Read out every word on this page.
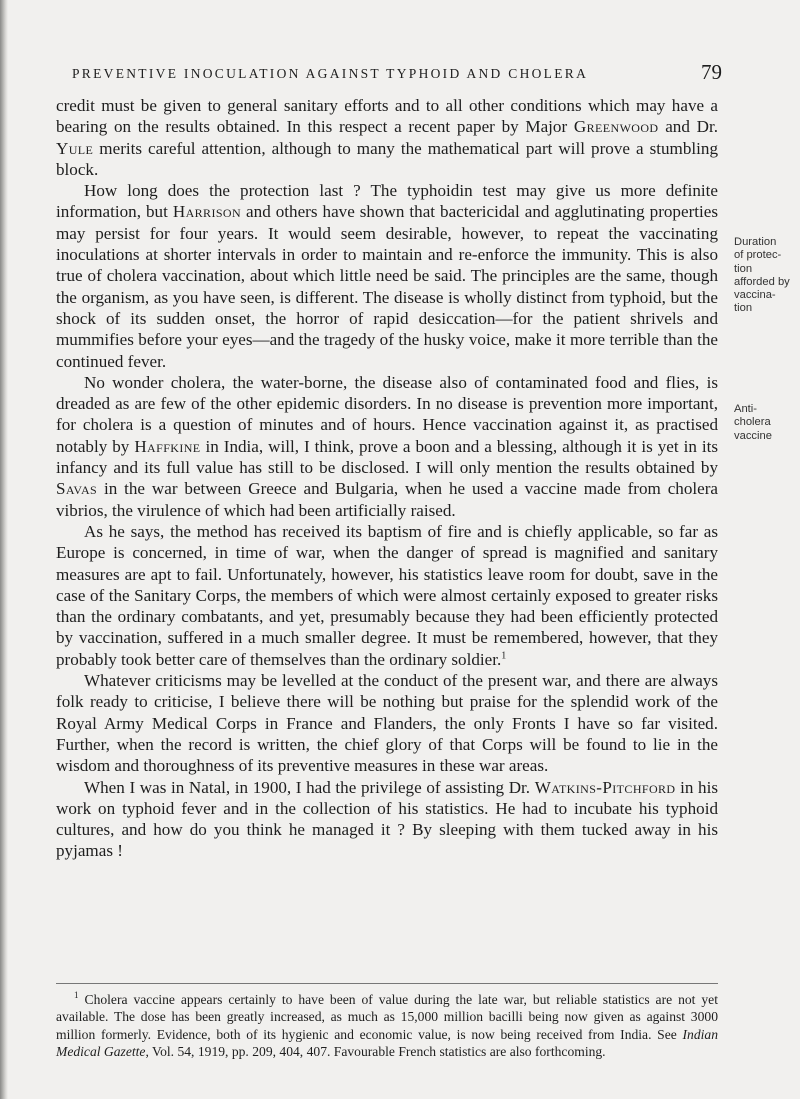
PREVENTIVE INOCULATION AGAINST TYPHOID AND CHOLERA	79

credit must be given to general sanitary efforts and to all other conditions which may have a bearing on the results obtained. In this respect a recent paper by Major Greenwood and Dr. Yule merits careful attention, although to many the mathematical part will prove a stumbling block.

How long does the protection last ? The typhoidin test may give us more definite information, but Harrison and others have shown that bactericidal and agglutinating properties may persist for four years. It would seem desirable, however, to repeat the vaccinating inoculations at shorter intervals in order to maintain and re-enforce the immunity. This is also true of cholera vaccination, about which little need be said. The principles are the same, though the organism, as you have seen, is different. The disease is wholly distinct from typhoid, but the shock of its sudden onset, the horror of rapid desiccation—for the patient shrivels and mummifies before your eyes—and the tragedy of the husky voice, make it more terrible than the continued fever.

No wonder cholera, the water-borne, the disease also of contaminated food and flies, is dreaded as are few of the other epidemic disorders. In no disease is prevention more important, for cholera is a question of minutes and of hours. Hence vaccination against it, as practised notably by Haffkine in India, will, I think, prove a boon and a blessing, although it is yet in its infancy and its full value has still to be disclosed. I will only mention the results obtained by Savas in the war between Greece and Bulgaria, when he used a vaccine made from cholera vibrios, the virulence of which had been artificially raised.

As he says, the method has received its baptism of fire and is chiefly applicable, so far as Europe is concerned, in time of war, when the danger of spread is magnified and sanitary measures are apt to fail. Unfortunately, however, his statistics leave room for doubt, save in the case of the Sanitary Corps, the members of which were almost certainly exposed to greater risks than the ordinary combatants, and yet, presumably because they had been efficiently protected by vaccination, suffered in a much smaller degree. It must be remembered, however, that they probably took better care of themselves than the ordinary soldier.$^1$

Whatever criticisms may be levelled at the conduct of the present war, and there are always folk ready to criticise, I believe there will be nothing but praise for the splendid work of the Royal Army Medical Corps in France and Flanders, the only Fronts I have so far visited. Further, when the record is written, the chief glory of that Corps will be found to lie in the wisdom and thoroughness of its preventive measures in these war areas.

When I was in Natal, in 1900, I had the privilege of assisting Dr. Watkins-Pitchford in his work on typhoid fever and in the collection of his statistics. He had to incubate his typhoid cultures, and how do you think he managed it ? By sleeping with them tucked away in his pyjamas !

Duration
of protec-
tion
afforded by
vaccina-
tion
Anti-
cholera
vaccine
$^1$ Cholera vaccine appears certainly to have been of value during the late war, but reliable statistics are not yet available. The dose has been greatly increased, as much as 15,000 million bacilli being now given as against 3000 million formerly. Evidence, both of its hygienic and economic value, is now being received from India. See Indian Medical Gazette, Vol. 54, 1919, pp. 209, 404, 407. Favourable French statistics are also forthcoming.
